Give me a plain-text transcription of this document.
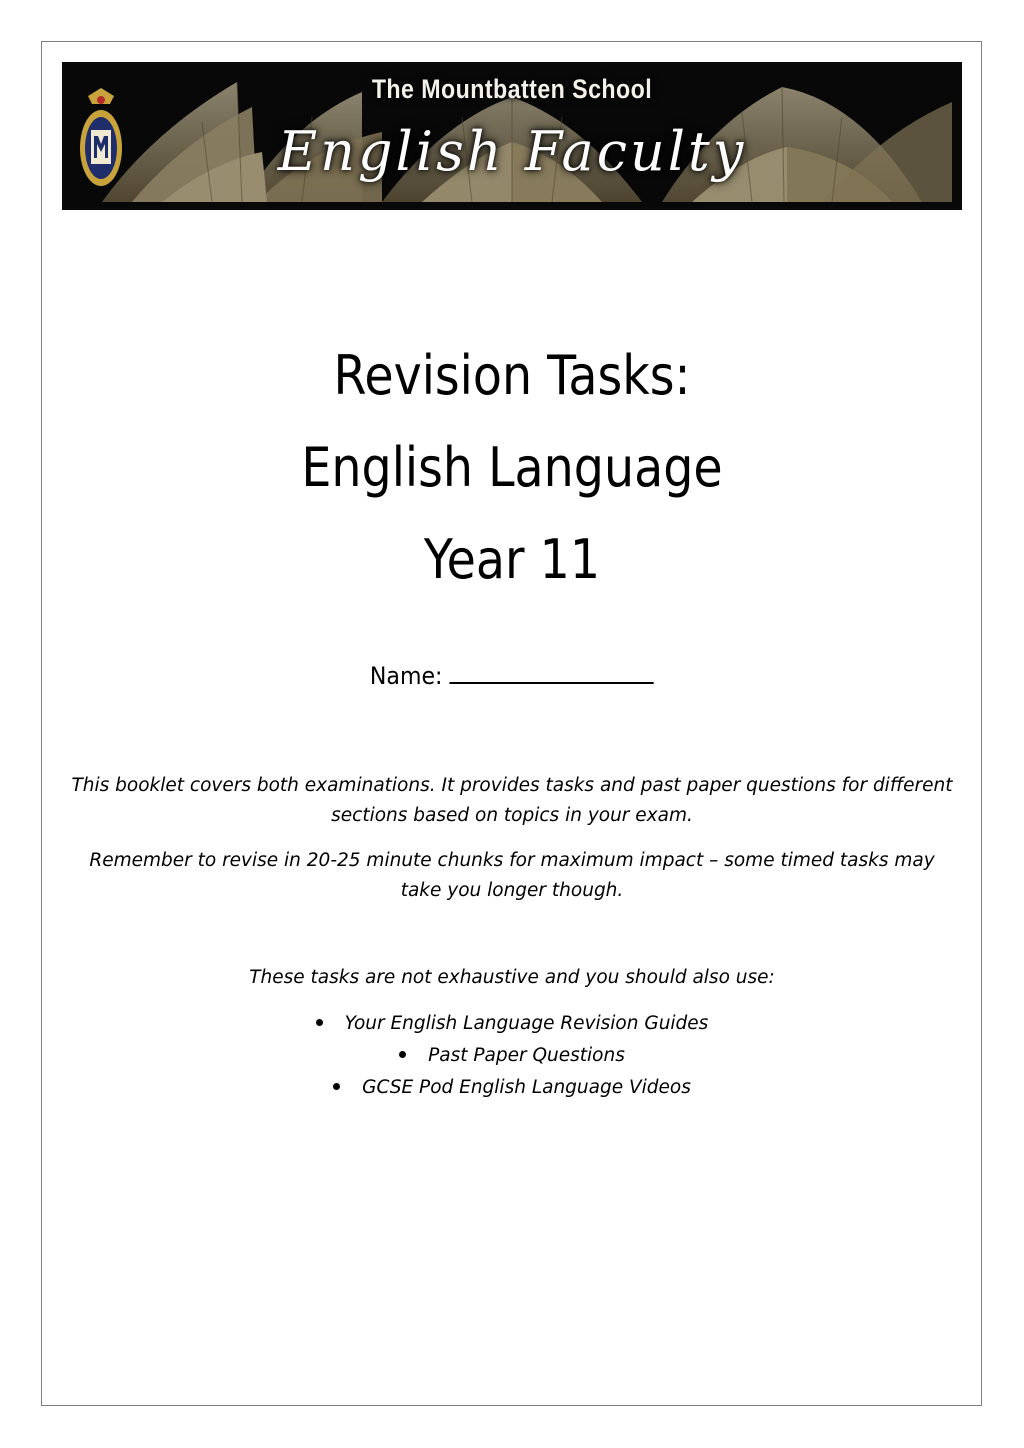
The Mountbatten School
English Faculty
Revision Tasks:
English Language
Year 11
Name:
This booklet covers both examinations. It provides tasks and past paper questions for different sections based on topics in your exam.
Remember to revise in 20-25 minute chunks for maximum impact – some timed tasks may take you longer though.
These tasks are not exhaustive and you should also use:
Your English Language Revision Guides
Past Paper Questions
GCSE Pod English Language Videos
